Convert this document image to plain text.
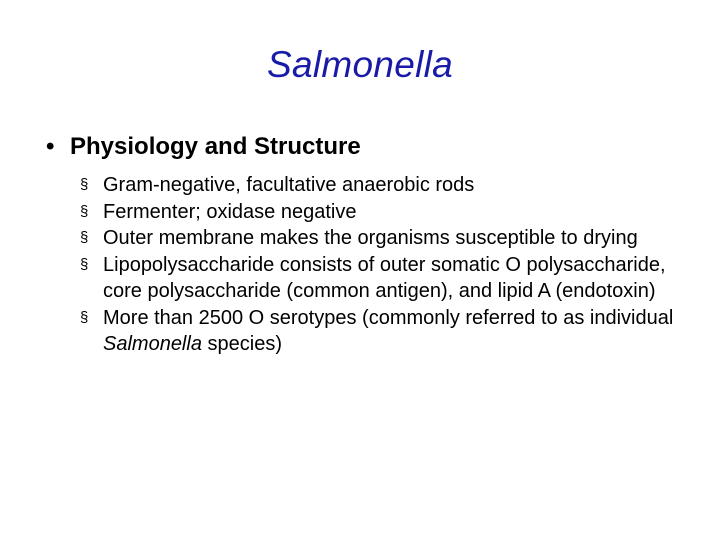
Salmonella
• Physiology and Structure
§ Gram-negative, facultative anaerobic rods
§ Fermenter; oxidase negative
§ Outer membrane makes the organisms susceptible to drying
§ Lipopolysaccharide consists of outer somatic O polysaccharide, core polysaccharide (common antigen), and lipid A (endotoxin)
§ More than 2500 O serotypes (commonly referred to as individual Salmonella species)
